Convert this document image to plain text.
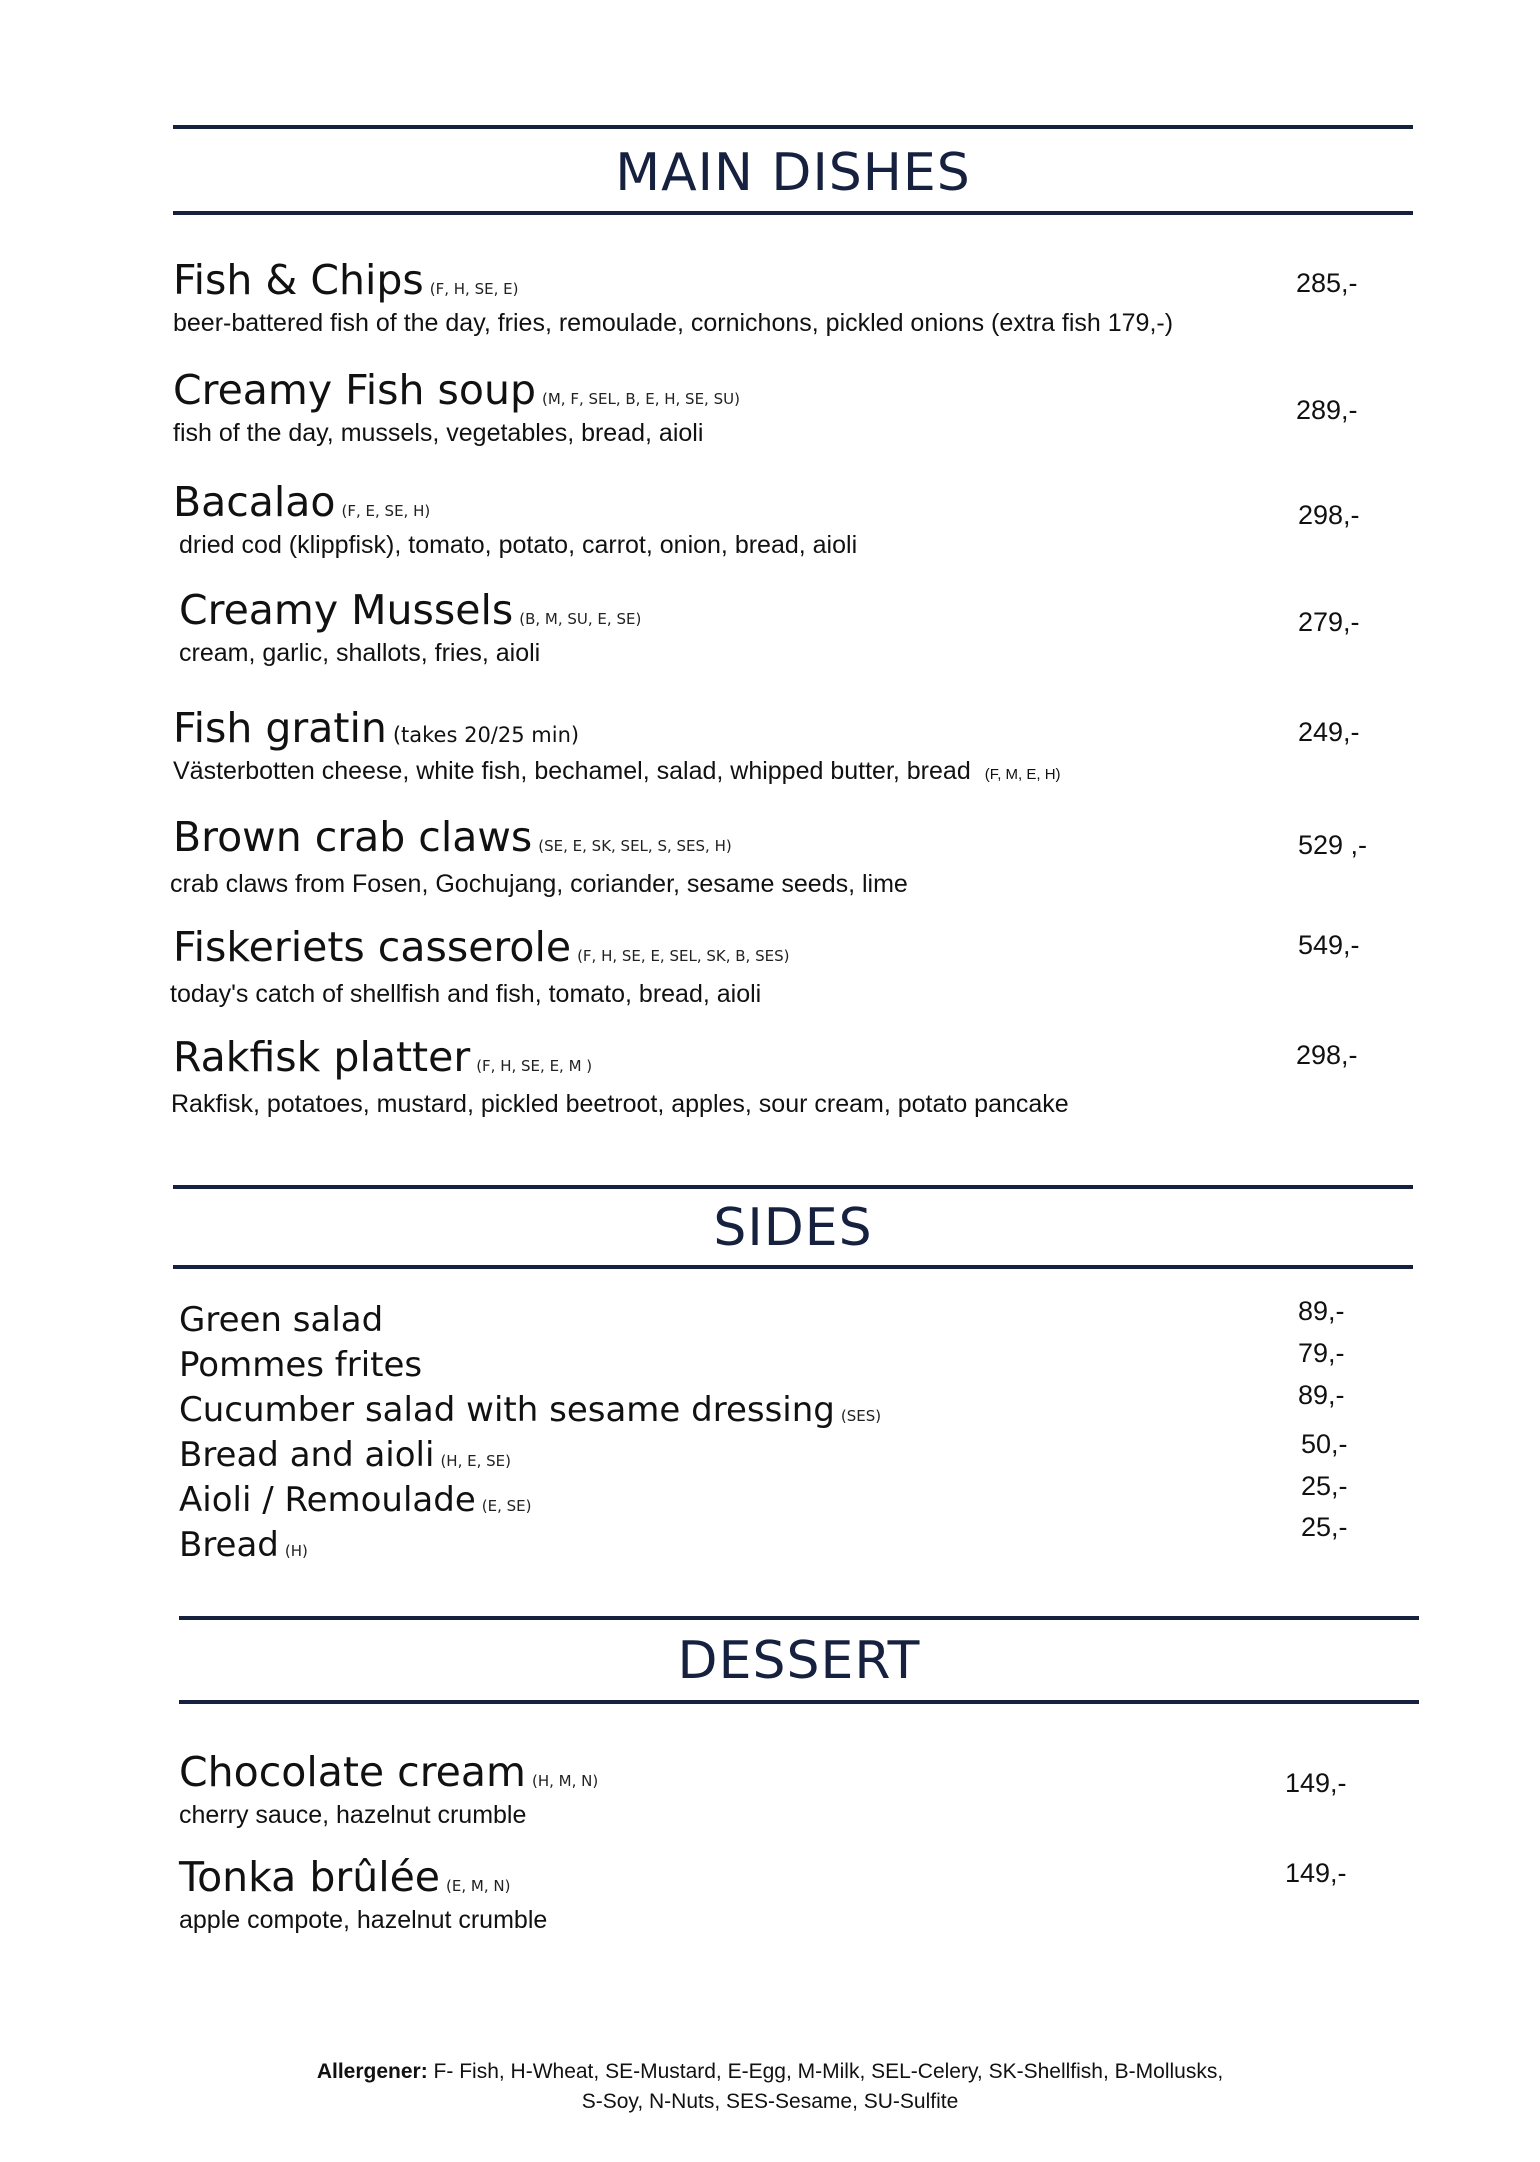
MAIN DISHES
Fish & Chips (F, H, SE, E)
beer-battered fish of the day, fries, remoulade, cornichons, pickled onions (extra fish 179,-)
285,-
Creamy Fish soup (M, F, SEL, B, E, H, SE, SU)
fish of the day, mussels, vegetables, bread, aioli
289,-
Bacalao (F, E, SE, H)
dried cod (klippfisk), tomato, potato, carrot, onion, bread, aioli
298,-
Creamy Mussels (B, M, SU, E, SE)
cream, garlic, shallots, fries, aioli
279,-
Fish gratin (takes 20/25 min)
Västerbotten cheese, white fish, bechamel, salad, whipped butter, bread (F, M, E, H)
249,-
Brown crab claws (SE, E, SK, SEL, S, SES, H)
crab claws from Fosen, Gochujang, coriander, sesame seeds, lime
529 ,-
Fiskeriets casserole (F, H, SE, E, SEL, SK, B, SES)
today's catch of shellfish and fish, tomato, bread, aioli
549,-
Rakfisk platter (F, H, SE, E, M )
Rakfisk, potatoes, mustard, pickled beetroot, apples, sour cream, potato pancake
298,-
SIDES
Green salad	89,-
Pommes frites	79,-
Cucumber salad with sesame dressing (SES)
89,-
Bread and aioli (H, E, SE)
50,-
Aioli / Remoulade (E, SE)
25,-
Bread (H)
25,-
DESSERT
Chocolate cream (H, M, N)
cherry sauce, hazelnut crumble
149,-
Tonka brûlée (E, M, N)
apple compote, hazelnut crumble
149,-
Allergener: F- Fish, H-Wheat, SE-Mustard, E-Egg, M-Milk, SEL-Celery, SK-Shellfish, B-Mollusks,
S-Soy, N-Nuts, SES-Sesame, SU-Sulfite
